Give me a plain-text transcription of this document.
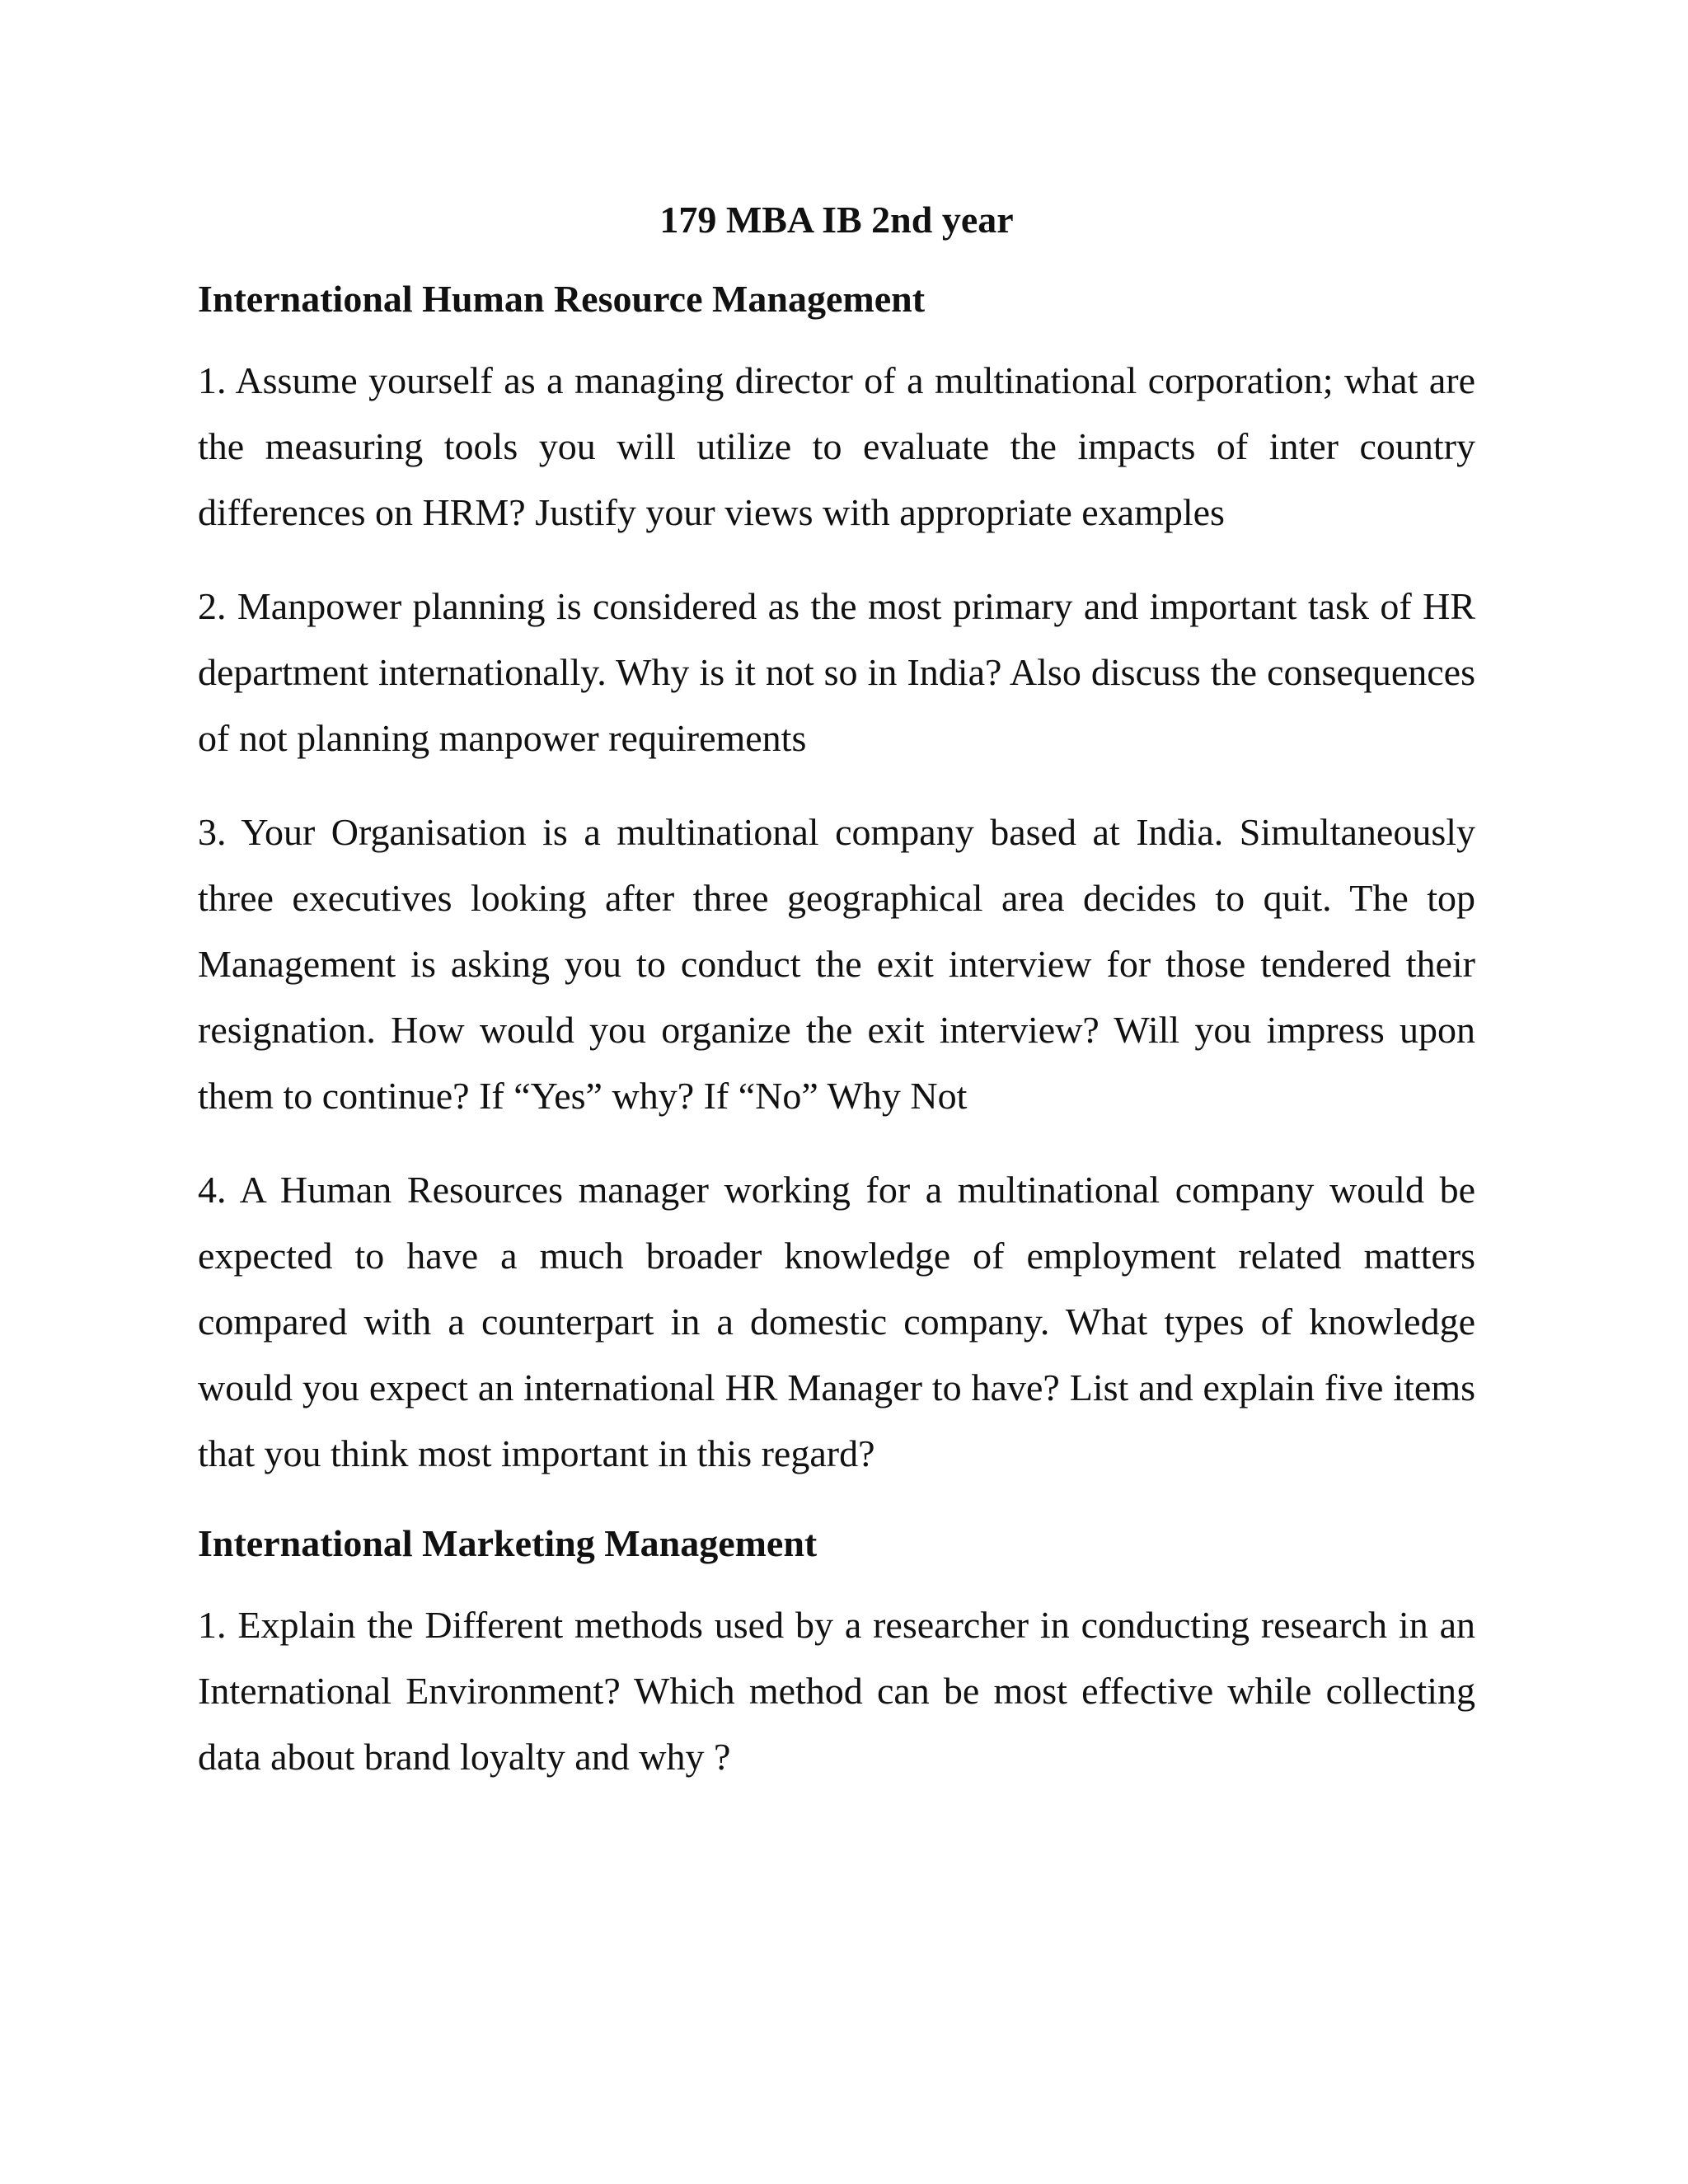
179 MBA IB 2nd year
International Human Resource Management

1. Assume yourself as a managing director of a multinational corporation; what are the measuring tools you will utilize to evaluate the impacts of inter country differences on HRM? Justify your views with appropriate examples

2. Manpower planning is considered as the most primary and important task of HR department internationally. Why is it not so in India? Also discuss the consequences of not planning manpower requirements

3. Your Organisation is a multinational company based at India. Simultaneously three executives looking after three geographical area decides to quit. The top Management is asking you to conduct the exit interview for those tendered their resignation. How would you organize the exit interview? Will you impress upon them to continue? If “Yes” why? If “No” Why Not

4. A Human Resources manager working for a multinational company would be expected to have a much broader knowledge of employment related matters compared with a counterpart in a domestic company. What types of knowledge would you expect an international HR Manager to have? List and explain five items that you think most important in this regard?

International Marketing Management

1. Explain the Different methods used by a researcher in conducting research in an International Environment? Which method can be most effective while collecting data about brand loyalty and why ?
